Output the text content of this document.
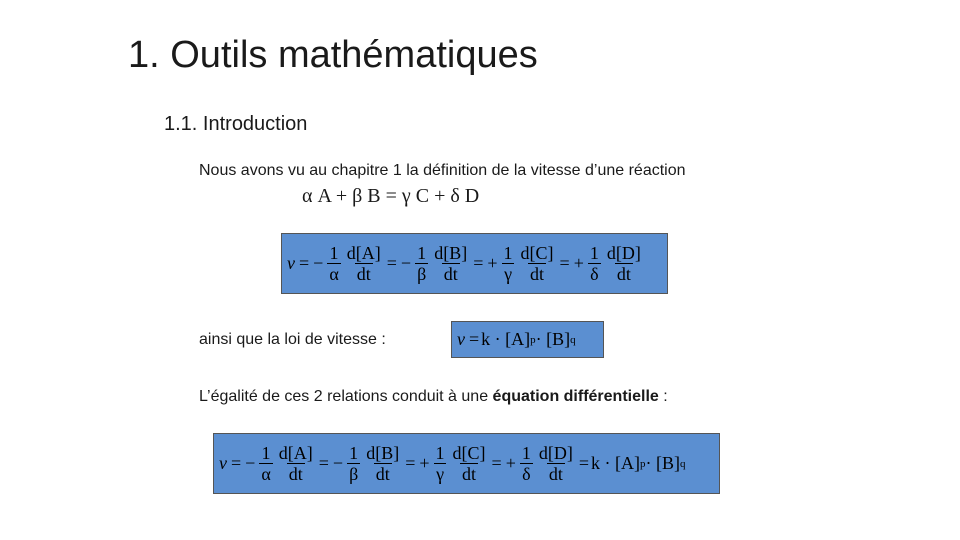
1. Outils mathématiques
1.1. Introduction
Nous avons vu au chapitre 1 la définition de la vitesse d’une réaction
α A + β B = γ C + δ D
v = − $\frac{1}{\alpha} \frac{d[A]}{dt}$ = − $\frac{1}{\beta} \frac{d[B]}{dt}$ = + $\frac{1}{\gamma} \frac{d[C]}{dt}$ = + $\frac{1}{\delta} \frac{d[D]}{dt}$
ainsi que la loi de vitesse :	v = k · [A] p · [B] q
L’égalité de ces 2 relations conduit à une équation différentielle :
v = − $\frac{1}{\alpha} \frac{d[A]}{dt}$ = − $\frac{1}{\beta} \frac{d[B]}{dt}$ = + $\frac{1}{\gamma} \frac{d[C]}{dt}$ = + $\frac{1}{\delta} \frac{d[D]}{dt} = k \cdot [A] p \cdot [B]$ q
